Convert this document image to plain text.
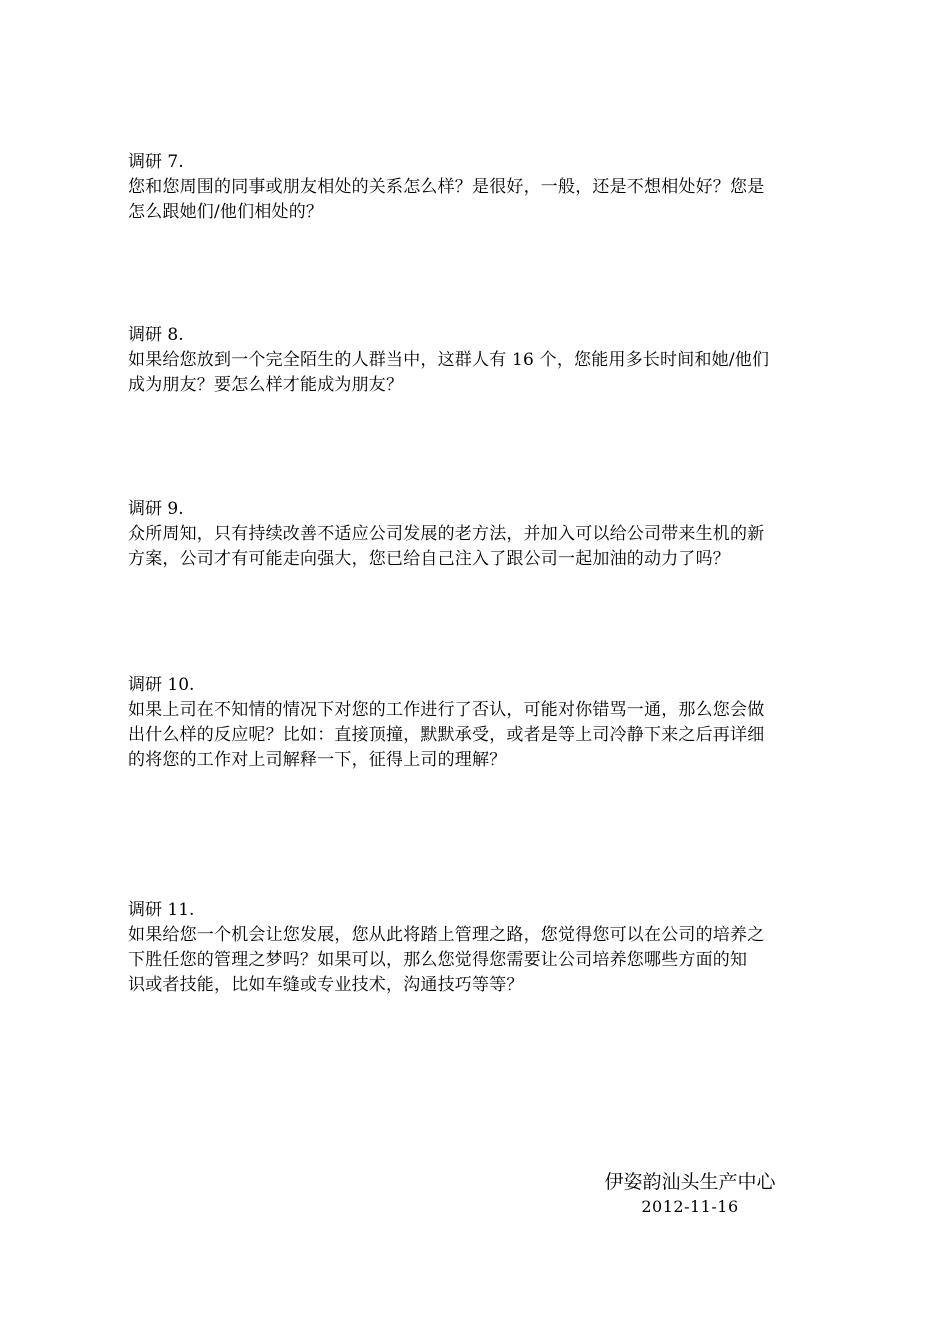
调研 7.
您和您周围的同事或朋友相处的关系怎么样？是很好，一般，还是不想相处好？您是
怎么跟她们/他们相处的？
调研 8.
如果给您放到一个完全陌生的人群当中，这群人有 16 个，您能用多长时间和她/他们
成为朋友？要怎么样才能成为朋友？
调研 9.
众所周知，只有持续改善不适应公司发展的老方法，并加入可以给公司带来生机的新
方案，公司才有可能走向强大，您已给自己注入了跟公司一起加油的动力了吗？
调研 10.
如果上司在不知情的情况下对您的工作进行了否认，可能对你错骂一通，那么您会做
出什么样的反应呢？比如：直接顶撞，默默承受，或者是等上司冷静下来之后再详细
的将您的工作对上司解释一下，征得上司的理解？
调研 11.
如果给您一个机会让您发展，您从此将踏上管理之路，您觉得您可以在公司的培养之
下胜任您的管理之梦吗？如果可以，那么您觉得您需要让公司培养您哪些方面的知
识或者技能，比如车缝或专业技术，沟通技巧等等？
伊姿韵汕头生产中心
2012-11-16
